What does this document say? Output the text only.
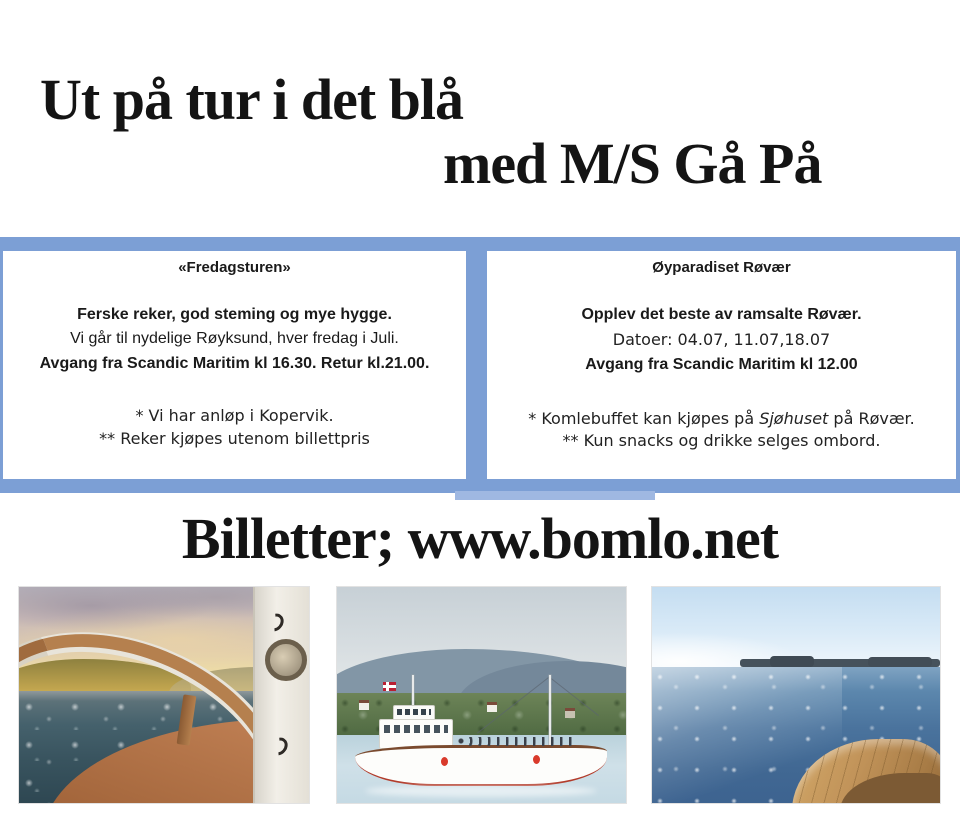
Ut på tur i det blå
med M/S Gå På
«Fredagsturen»
Ferske reker, god steming og mye hygge.
Vi går til nydelige Røyksund, hver fredag i Juli.
Avgang fra Scandic Maritim kl 16.30. Retur kl.21.00.
* Vi har anløp i Kopervik.
** Reker kjøpes utenom billettpris
Øyparadiset Røvær
Opplev det beste av ramsalte Røvær.
Datoer: 04.07, 11.07,18.07
Avgang fra Scandic Maritim kl 12.00
* Komlebuffet kan kjøpes på Sjøhuset på Røvær.
** Kun snacks og drikke selges ombord.
Billetter; www.bomlo.net
